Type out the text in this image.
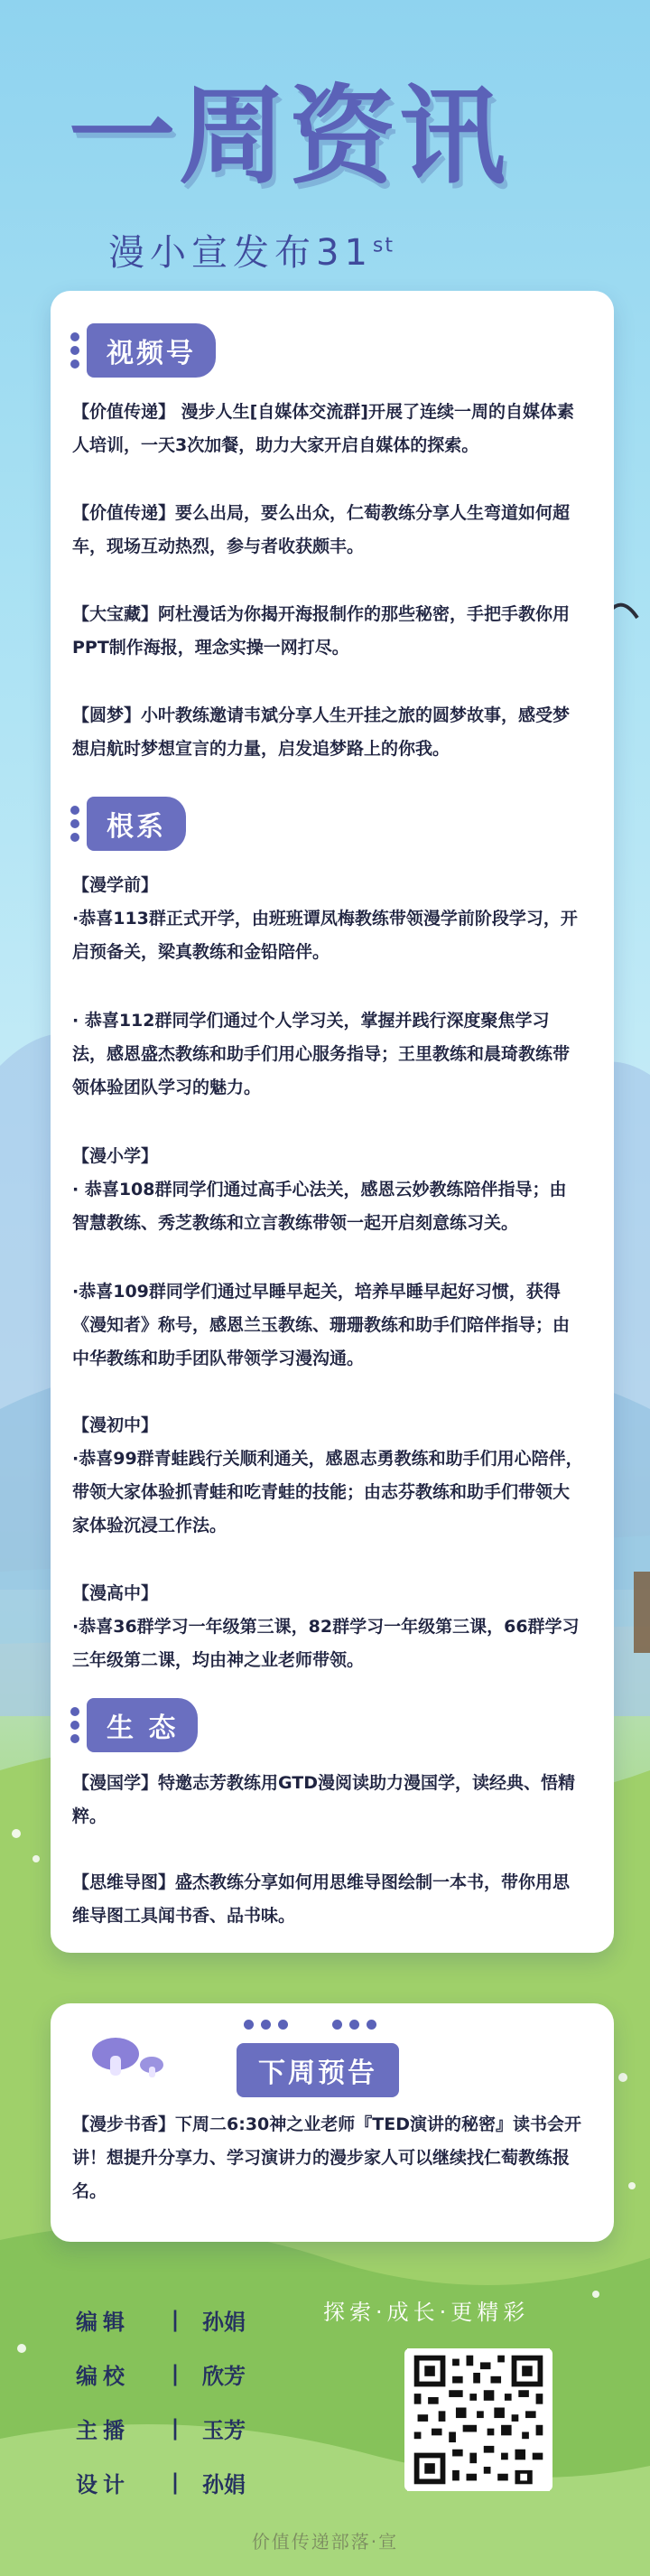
一周资讯
漫小宣发布31st
视频号

【价值传递】 漫步人生[自媒体交流群]开展了连续一周的自媒体素人培训，一天3次加餐，助力大家开启自媒体的探索。

【价值传递】要么出局，要么出众，仁萄教练分享人生弯道如何超车，现场互动热烈，参与者收获颇丰。

【大宝藏】阿杜漫话为你揭开海报制作的那些秘密，手把手教你用PPT制作海报，理念实操一网打尽。

【圆梦】小叶教练邀请韦斌分享人生开挂之旅的圆梦故事，感受梦想启航时梦想宣言的力量，启发追梦路上的你我。

根系

【漫学前】
·恭喜113群正式开学，由班班谭凤梅教练带领漫学前阶段学习，开启预备关，梁真教练和金铅陪伴。

· 恭喜112群同学们通过个人学习关，掌握并践行深度聚焦学习法，感恩盛杰教练和助手们用心服务指导；王里教练和晨琦教练带领体验团队学习的魅力。

【漫小学】
· 恭喜108群同学们通过高手心法关，感恩云妙教练陪伴指导；由智慧教练、秀芝教练和立言教练带领一起开启刻意练习关。

·恭喜109群同学们通过早睡早起关，培养早睡早起好习惯，获得《漫知者》称号，感恩兰玉教练、珊珊教练和助手们陪伴指导；由中华教练和助手团队带领学习漫沟通。

【漫初中】
·恭喜99群青蛙践行关顺利通关，感恩志勇教练和助手们用心陪伴，带领大家体验抓青蛙和吃青蛙的技能；由志芬教练和助手们带领大家体验沉浸工作法。

【漫高中】
·恭喜36群学习一年级第三课，82群学习一年级第三课，66群学习三年级第二课，均由神之业老师带领。

生 态

【漫国学】特邀志芳教练用GTD漫阅读助力漫国学，读经典、悟精粹。

【思维导图】盛杰教练分享如何用思维导图绘制一本书，带你用思维导图工具闻书香、品书味。

下周预告

【漫步书香】下周二6:30神之业老师『TED演讲的秘密』读书会开讲！想提升分享力、学习演讲力的漫步家人可以继续找仁萄教练报名。

编辑	|	孙娟
编校	|	欣芳
主播	|	玉芳
设计	|	孙娟
探索·成长·更精彩
价值传递部落·宣
